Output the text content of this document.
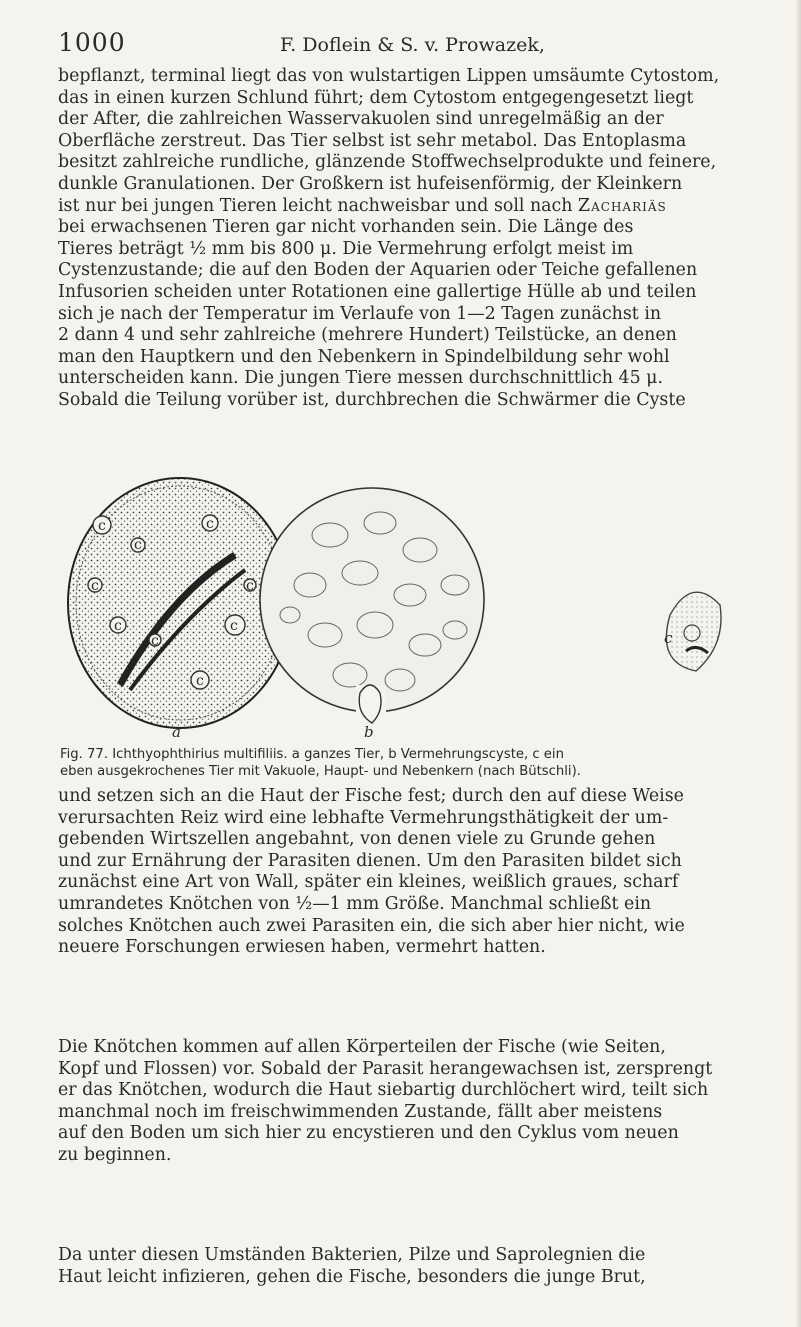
1000	F. Doflein & S. v. Prowazek,
bepflanzt, terminal liegt das von wulstartigen Lippen umsäumte Cytostom,
das in einen kurzen Schlund führt; dem Cytostom entgegengesetzt liegt
der After, die zahlreichen Wasservakuolen sind unregelmäßig an der
Oberfläche zerstreut. Das Tier selbst ist sehr metabol. Das Entoplasma
besitzt zahlreiche rundliche, glänzende Stoffwechselprodukte und feinere,
dunkle Granulationen. Der Großkern ist hufeisenförmig, der Kleinkern
ist nur bei jungen Tieren leicht nachweisbar und soll nach Zachariäs
bei erwachsenen Tieren gar nicht vorhanden sein. Die Länge des
Tieres beträgt ½ mm bis 800 μ. Die Vermehrung erfolgt meist im
Cystenzustande; die auf den Boden der Aquarien oder Teiche gefallenen
Infusorien scheiden unter Rotationen eine gallertige Hülle ab und teilen
sich je nach der Temperatur im Verlaufe von 1—2 Tagen zunächst in
2 dann 4 und sehr zahlreiche (mehrere Hundert) Teilstücke, an denen
man den Hauptkern und den Nebenkern in Spindelbildung sehr wohl
unterscheiden kann. Die jungen Tiere messen durchschnittlich 45 μ.
Sobald die Teilung vorüber ist, durchbrechen die Schwärmer die Cyste
c
c
c
c
c
c
c
c
c
a	b
c
Fig. 77. Ichthyophthirius multifiliis. a ganzes Tier, b Vermehrungscyste, c ein
eben ausgekrochenes Tier mit Vakuole, Haupt- und Nebenkern (nach Bütschli).
und setzen sich an die Haut der Fische fest; durch den auf diese Weise
verursachten Reiz wird eine lebhafte Vermehrungsthätigkeit der um-
gebenden Wirtszellen angebahnt, von denen viele zu Grunde gehen
und zur Ernährung der Parasiten dienen. Um den Parasiten bildet sich
zunächst eine Art von Wall, später ein kleines, weißlich graues, scharf
umrandetes Knötchen von ½—1 mm Größe. Manchmal schließt ein
solches Knötchen auch zwei Parasiten ein, die sich aber hier nicht, wie
neuere Forschungen erwiesen haben, vermehrt hatten.
Die Knötchen kommen auf allen Körperteilen der Fische (wie Seiten,
Kopf und Flossen) vor. Sobald der Parasit herangewachsen ist, zersprengt
er das Knötchen, wodurch die Haut siebartig durchlöchert wird, teilt sich
manchmal noch im freischwimmenden Zustande, fällt aber meistens
auf den Boden um sich hier zu encystieren und den Cyklus vom neuen
zu beginnen.
Da unter diesen Umständen Bakterien, Pilze und Saprolegnien die
Haut leicht infizieren, gehen die Fische, besonders die junge Brut,
